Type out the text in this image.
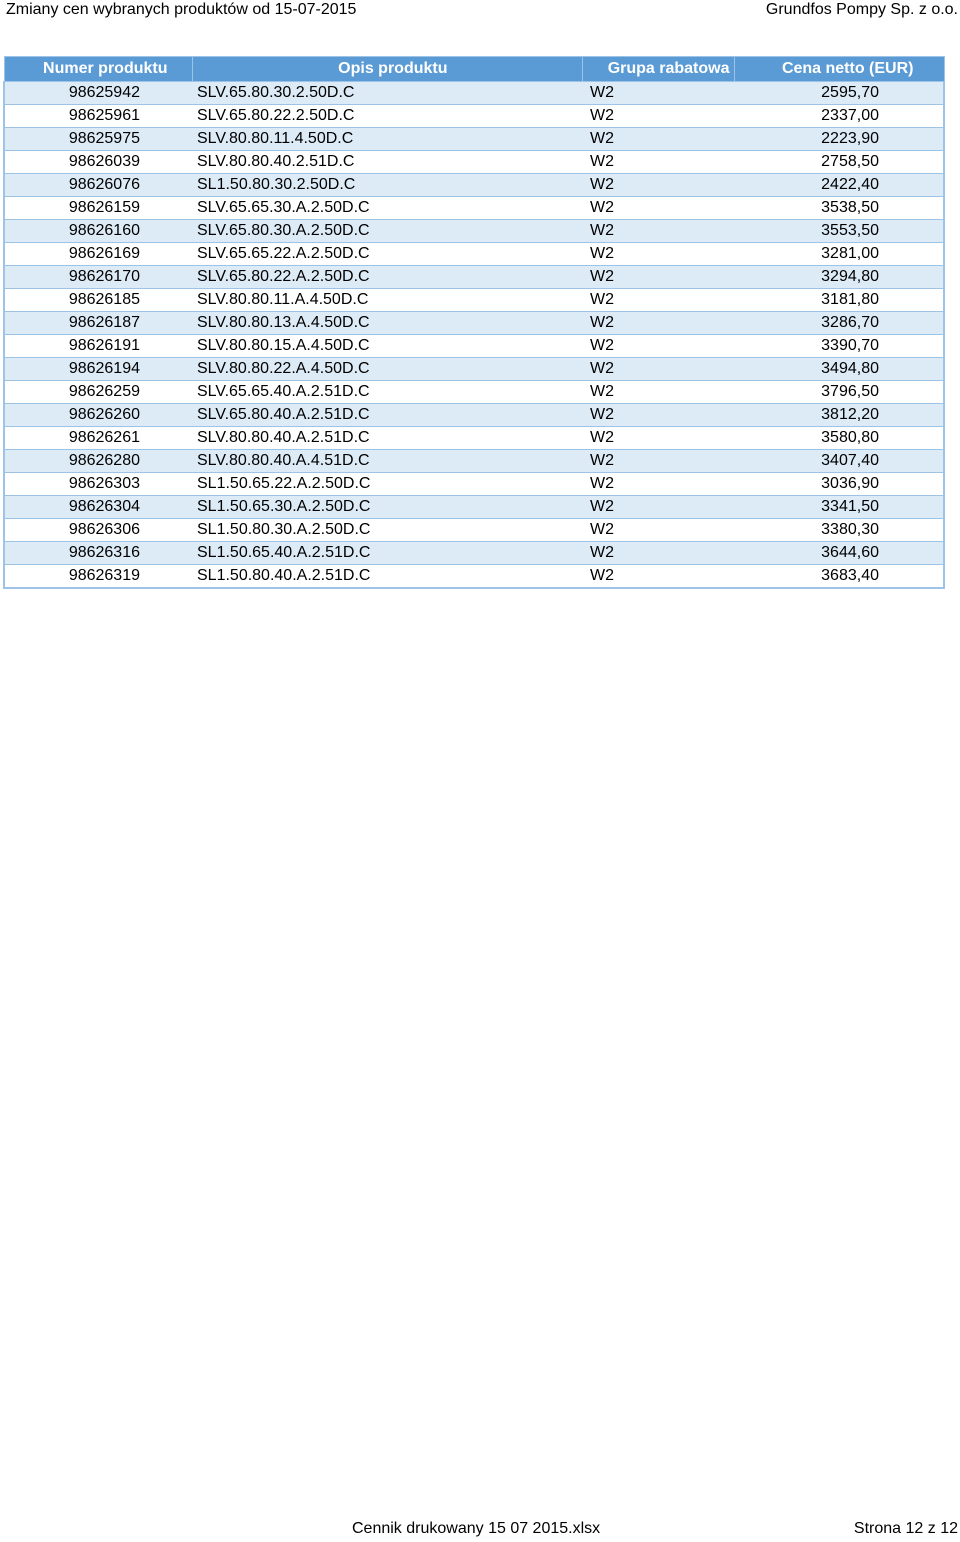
Zmiany cen wybranych produktów od 15-07-2015	Grundfos Pompy Sp. z o.o.
Numer produktu	Opis produktu	Grupa rabatowa	Cena netto (EUR)
98625942	SLV.65.80.30.2.50D.C	W2	2595,70
98625961	SLV.65.80.22.2.50D.C	W2	2337,00
98625975	SLV.80.80.11.4.50D.C	W2	2223,90
98626039	SLV.80.80.40.2.51D.C	W2	2758,50
98626076	SL1.50.80.30.2.50D.C	W2	2422,40
98626159	SLV.65.65.30.A.2.50D.C	W2	3538,50
98626160	SLV.65.80.30.A.2.50D.C	W2	3553,50
98626169	SLV.65.65.22.A.2.50D.C	W2	3281,00
98626170	SLV.65.80.22.A.2.50D.C	W2	3294,80
98626185	SLV.80.80.11.A.4.50D.C	W2	3181,80
98626187	SLV.80.80.13.A.4.50D.C	W2	3286,70
98626191	SLV.80.80.15.A.4.50D.C	W2	3390,70
98626194	SLV.80.80.22.A.4.50D.C	W2	3494,80
98626259	SLV.65.65.40.A.2.51D.C	W2	3796,50
98626260	SLV.65.80.40.A.2.51D.C	W2	3812,20
98626261	SLV.80.80.40.A.2.51D.C	W2	3580,80
98626280	SLV.80.80.40.A.4.51D.C	W2	3407,40
98626303	SL1.50.65.22.A.2.50D.C	W2	3036,90
98626304	SL1.50.65.30.A.2.50D.C	W2	3341,50
98626306	SL1.50.80.30.A.2.50D.C	W2	3380,30
98626316	SL1.50.65.40.A.2.51D.C	W2	3644,60
98626319	SL1.50.80.40.A.2.51D.C	W2	3683,40
Cennik drukowany 15 07 2015.xlsx	Strona 12 z 12
